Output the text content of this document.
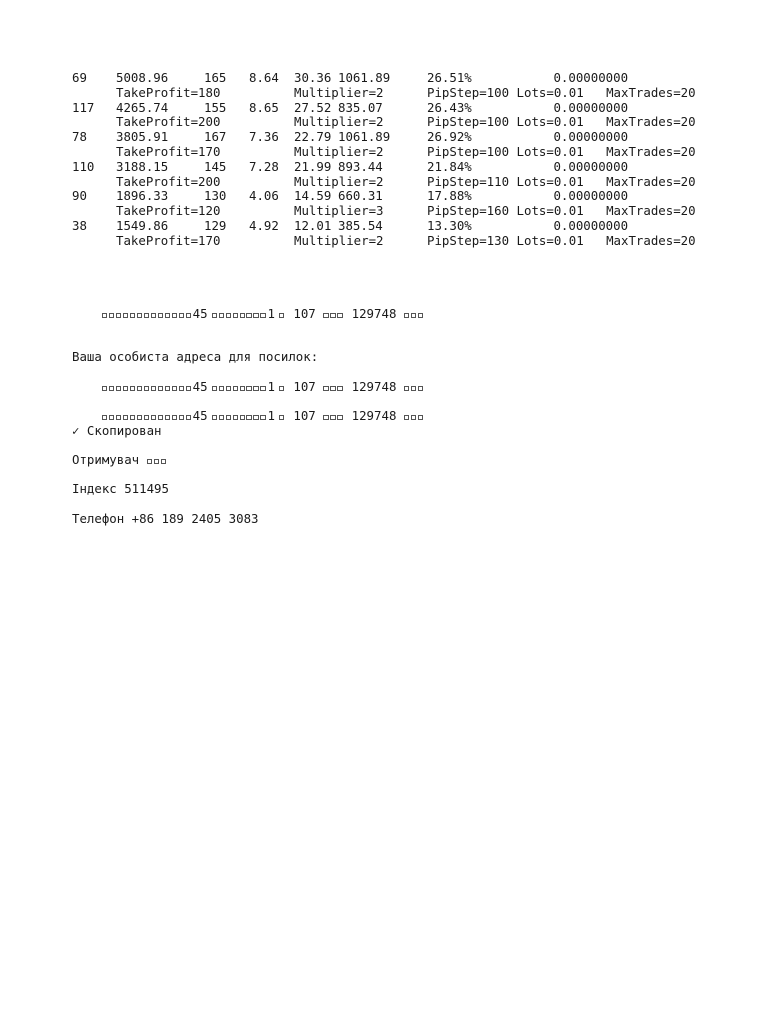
69	5008.96	165	8.64	30.36	1061.89	26.51%	0.00000000
	TakeProfit=180			Multiplier=2		PipStep=100 Lots=0.01 MaxTrades=20	
117	4265.74	155	8.65	27.52	835.07	26.43%	0.00000000
	TakeProfit=200			Multiplier=2		PipStep=100 Lots=0.01 MaxTrades=20	
78	3805.91	167	7.36	22.79	1061.89	26.92%	0.00000000
	TakeProfit=170			Multiplier=2		PipStep=100 Lots=0.01 MaxTrades=20	
110	3188.15	145	7.28	21.99	893.44	21.84%	0.00000000
	TakeProfit=200			Multiplier=2		PipStep=110 Lots=0.01 MaxTrades=20	
90	1896.33	130	4.06	14.59	660.31	17.88%	0.00000000
	TakeProfit=120			Multiplier=3		PipStep=160 Lots=0.01 MaxTrades=20	
38	1549.86	129	4.92	12.01	385.54	13.30%	0.00000000
	TakeProfit=170			Multiplier=2		PipStep=130 Lots=0.01 MaxTrades=20	

45	1 107	129748

Ваша особиста адреса для посилок:

45	1 107	129748

45	1 107	129748

✓ Скопирован
Отримувач
Індекс 511495
Телефон +86 189 2405 3083
